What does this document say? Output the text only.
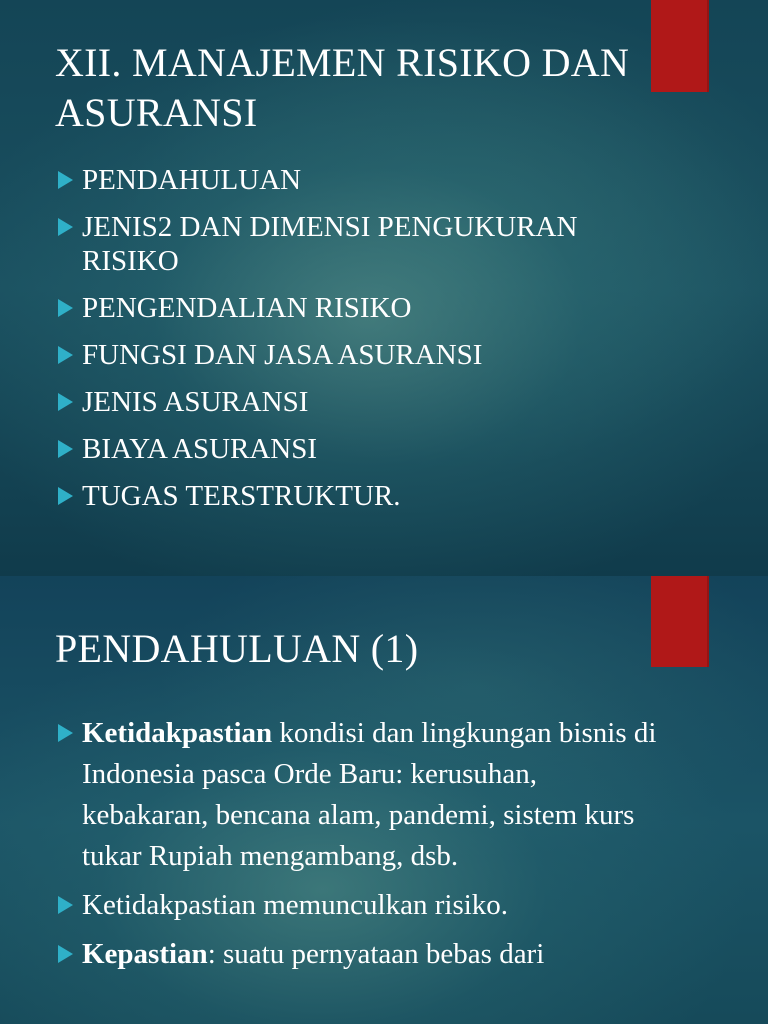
XII. MANAJEMEN RISIKO DAN ASURANSI
PENDAHULUAN
JENIS2 DAN DIMENSI PENGUKURAN RISIKO
PENGENDALIAN RISIKO
FUNGSI DAN JASA ASURANSI
JENIS ASURANSI
BIAYA ASURANSI
TUGAS TERSTRUKTUR.
PENDAHULUAN (1)
Ketidakpastian kondisi dan lingkungan bisnis di Indonesia pasca Orde Baru: kerusuhan, kebakaran, bencana alam, pandemi, sistem kurs tukar Rupiah mengambang, dsb.
Ketidakpastian memunculkan risiko.
Kepastian: suatu pernyataan bebas dari
